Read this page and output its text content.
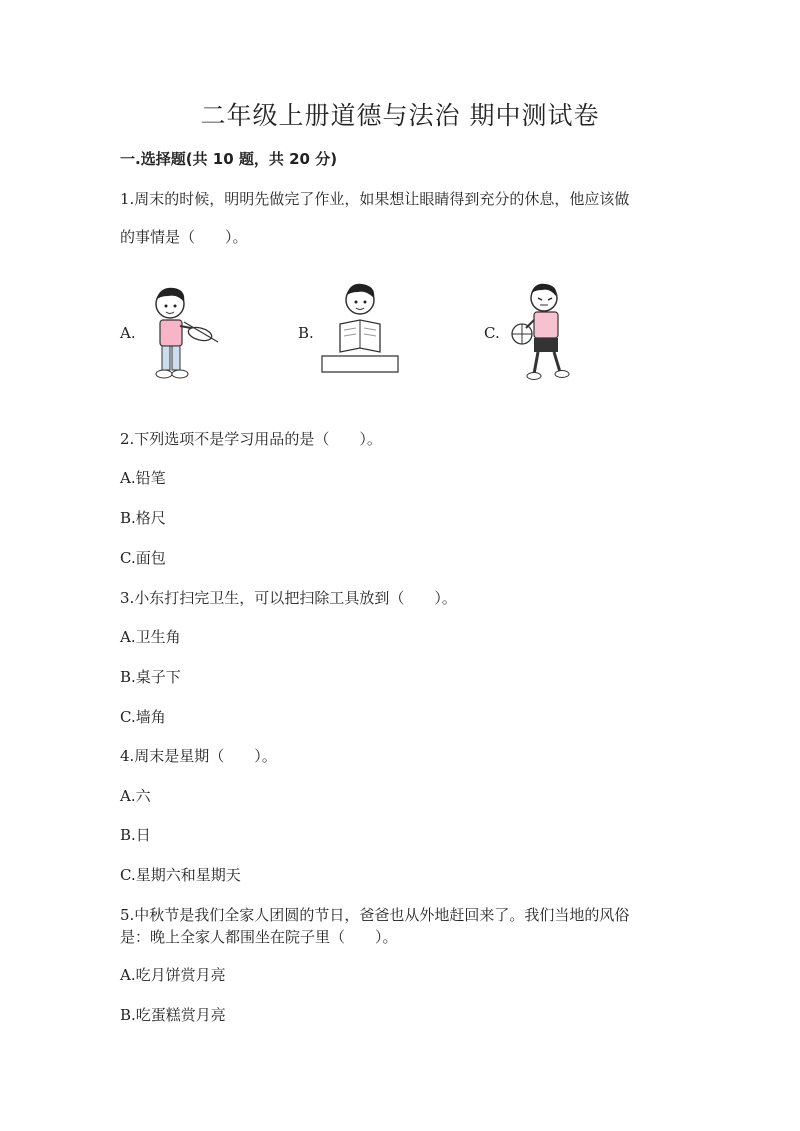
二年级上册道德与法治 期中测试卷
一.选择题(共 10 题，共 20 分)
1.周末的时候，明明先做完了作业，如果想让眼睛得到充分的休息，他应该做
的事情是（　　）。
A.	B.	C.
2.下列选项不是学习用品的是（　　）。
A.铅笔
B.格尺
C.面包
3.小东打扫完卫生，可以把扫除工具放到（　　）。
A.卫生角
B.桌子下
C.墙角
4.周末是星期（　　）。
A.六
B.日
C.星期六和星期天
5.中秋节是我们全家人团圆的节日，爸爸也从外地赶回来了。我们当地的风俗
是：晚上全家人都围坐在院子里（　　）。
A.吃月饼赏月亮
B.吃蛋糕赏月亮
